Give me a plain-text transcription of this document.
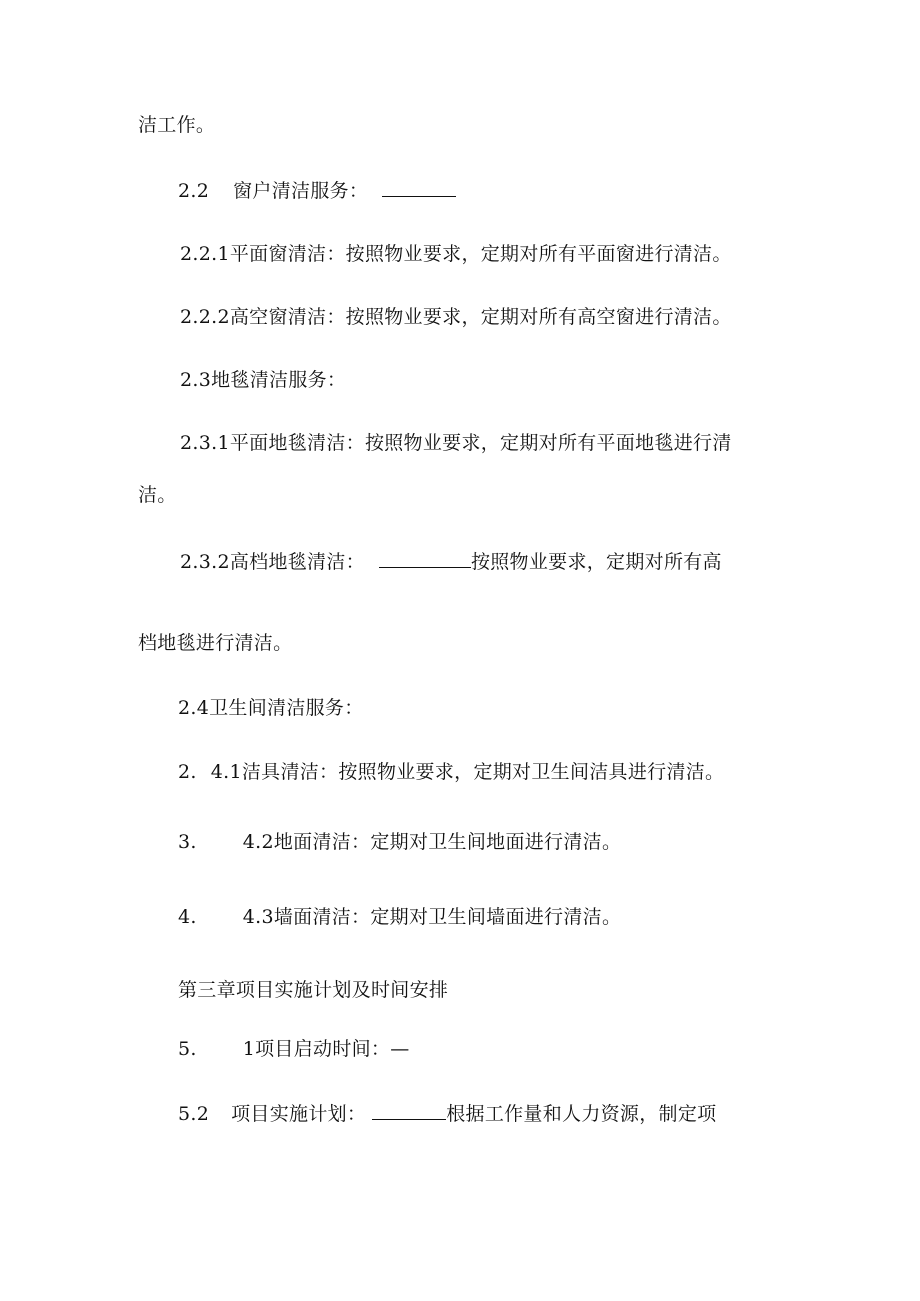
洁工作。
2.2 窗户清洁服务：
2.2.1平面窗清洁：按照物业要求，定期对所有平面窗进行清洁。
2.2.2高空窗清洁：按照物业要求，定期对所有高空窗进行清洁。
2.3地毯清洁服务：
2.3.1平面地毯清洁：按照物业要求，定期对所有平面地毯进行清
洁。
2.3.2高档地毯清洁：	按照物业要求，定期对所有高
档地毯进行清洁。
2.4卫生间清洁服务：
2. 4.1洁具清洁：按照物业要求，定期对卫生间洁具进行清洁。
3. 4.2地面清洁：定期对卫生间地面进行清洁。
4. 4.3墙面清洁：定期对卫生间墙面进行清洁。
第三章项目实施计划及时间安排
5. 1项目启动时间：—
5.2 项目实施计划：	根据工作量和人力资源，制定项
